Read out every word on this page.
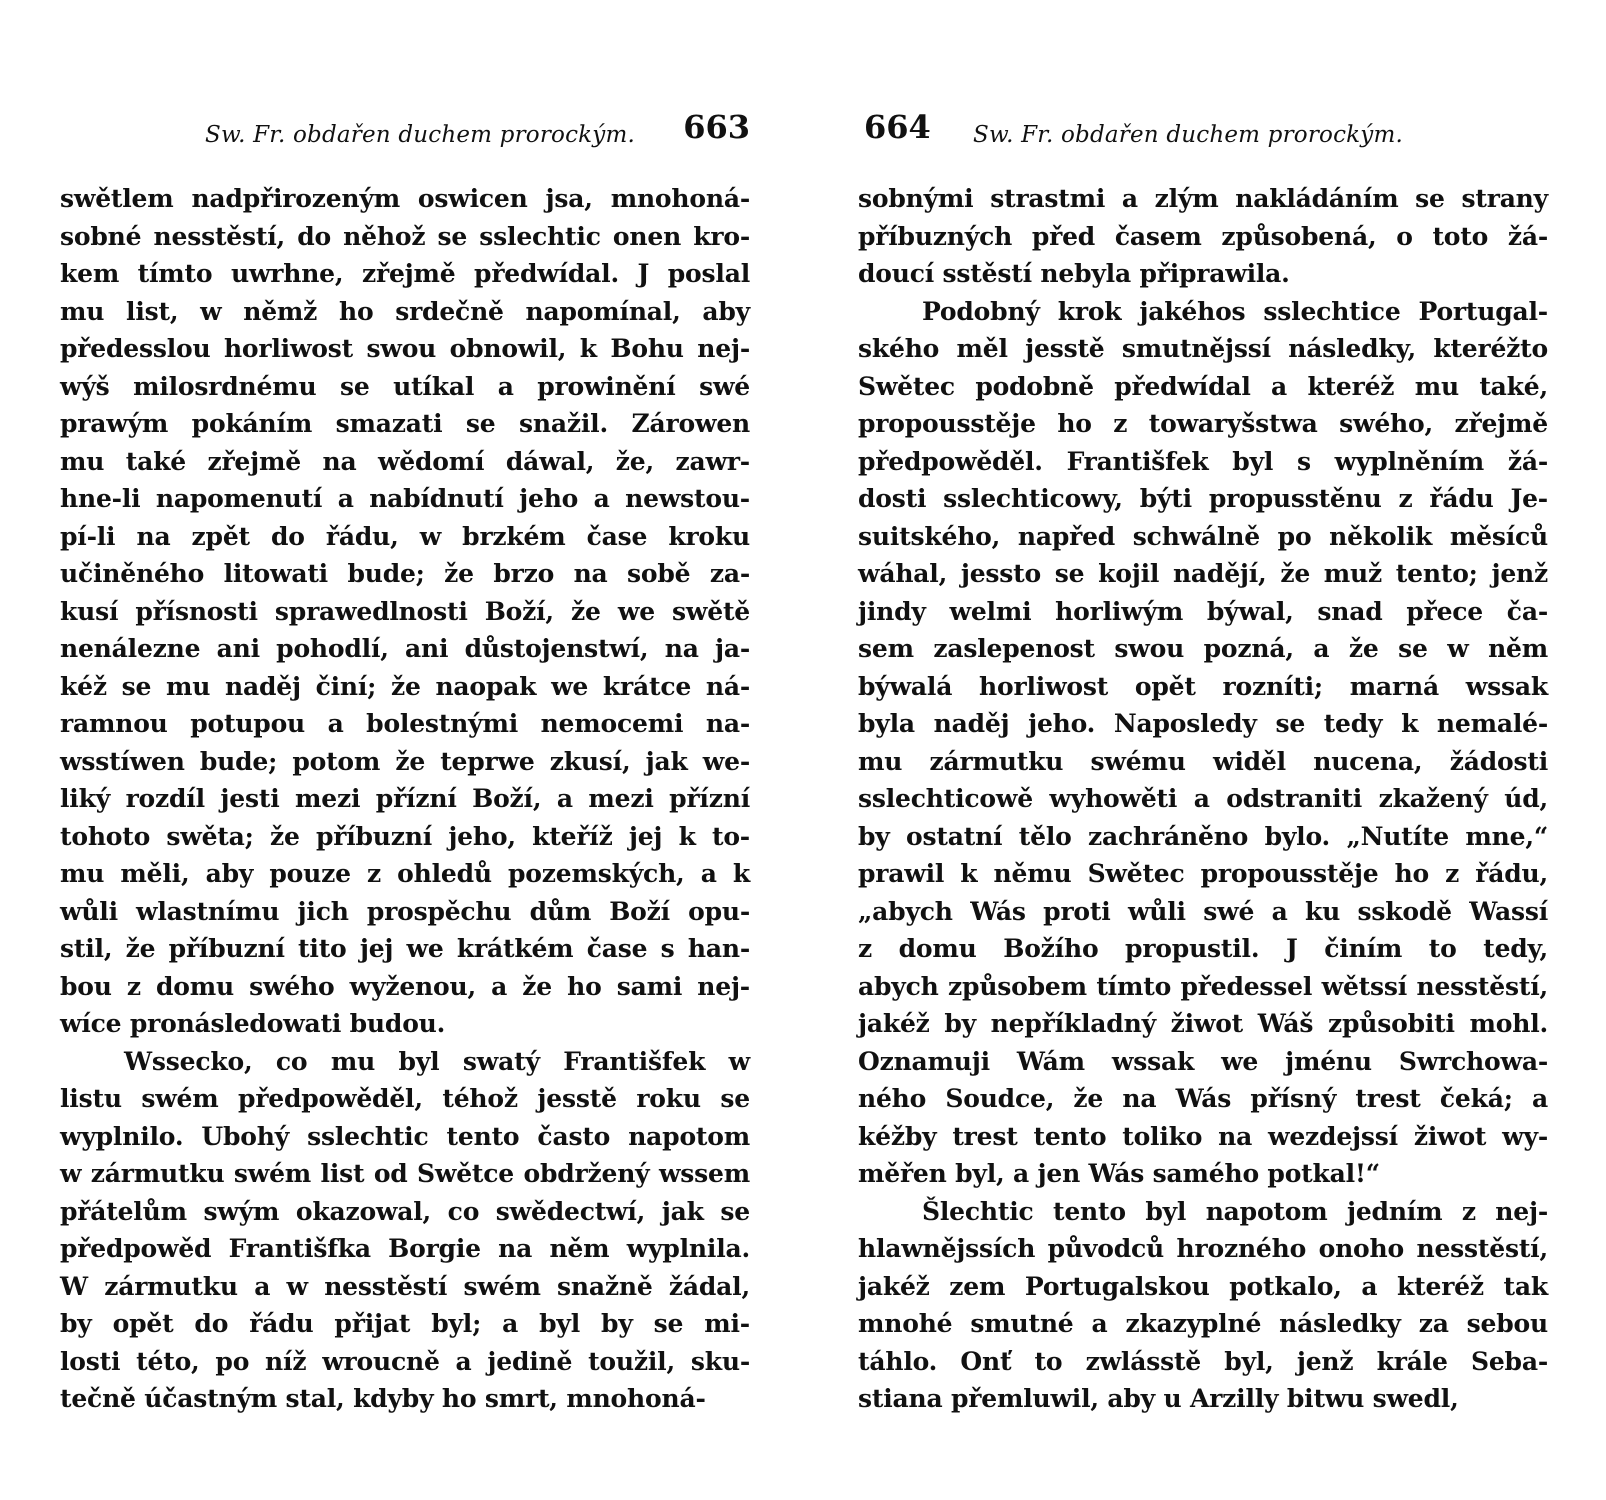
Sw. Fr. obdařen duchem prorockým. 663
swětlem nadpřirozeným oswicen jsa, mnohoná-
sobné nesstěstí, do něhož se sslechtic onen kro-
kem tímto uwrhne, zřejmě předwídal. J poslal
mu list, w němž ho srdečně napomínal, aby
předesslou horliwost swou obnowil, k Bohu nej-
wýš milosrdnému se utíkal a prowinění swé
prawým pokáním smazati se snažil. Zárowen
mu také zřejmě na wědomí dáwal, že, zawr-
hne-li napomenutí a nabídnutí jeho a newstou-
pí-li na zpět do řádu, w brzkém čase kroku
učiněného litowati bude; že brzo na sobě za-
kusí přísnosti sprawedlnosti Boží, že we swětě
nenálezne ani pohodlí, ani důstojenstwí, na ja-
kéž se mu naděj činí; že naopak we krátce ná-
ramnou potupou a bolestnými nemocemi na-
wsstíwen bude; potom že teprwe zkusí, jak we-
liký rozdíl jesti mezi přízní Boží, a mezi přízní
tohoto swěta; že příbuzní jeho, kteříž jej k to-
mu měli, aby pouze z ohledů pozemských, a k
wůli wlastnímu jich prospěchu dům Boží opu-
stil, že příbuzní tito jej we krátkém čase s han-
bou z domu swého wyženou, a že ho sami nej-
wíce pronásledowati budou.
Wssecko, co mu byl swatý Františfek w
listu swém předpowěděl, téhož jesstě roku se
wyplnilo. Ubohý sslechtic tento často napotom
w zármutku swém list od Swětce obdržený wssem
přátelům swým okazowal, co swědectwí, jak se
předpowěd Františfka Borgie na něm wyplnila.
W zármutku a w nesstěstí swém snažně žádal,
by opět do řádu přijat byl; a byl by se mi-
losti této, po níž wroucně a jedině toužil, sku-
tečně účastným stal, kdyby ho smrt, mnohoná-
664 Sw. Fr. obdařen duchem prorockým.
sobnými strastmi a zlým nakládáním se strany
příbuzných před časem způsobená, o toto žá-
doucí sstěstí nebyla připrawila.
Podobný krok jakéhos sslechtice Portugal-
ského měl jesstě smutnějssí následky, kteréžto
Swětec podobně předwídal a kteréž mu také,
propousstěje ho z towaryšstwa swého, zřejmě
předpowěděl. Františfek byl s wyplněním žá-
dosti sslechticowy, býti propusstěnu z řádu Je-
suitského, napřed schwálně po několik měsíců
wáhal, jessto se kojil nadějí, že muž tento; jenž
jindy welmi horliwým býwal, snad přece ča-
sem zaslepenost swou pozná, a že se w něm
býwalá horliwost opět rozníti; marná wssak
byla naděj jeho. Naposledy se tedy k nemalé-
mu zármutku swému widěl nucena, žádosti
sslechticowě wyhowěti a odstraniti zkažený úd,
by ostatní tělo zachráněno bylo. „Nutíte mne,“
prawil k němu Swětec propousstěje ho z řádu,
„abych Wás proti wůli swé a ku sskodě Wassí
z domu Božího propustil. J činím to tedy,
abych způsobem tímto předessel wětssí nesstěstí,
jakéž by nepříkladný žiwot Wáš způsobiti mohl.
Oznamuji Wám wssak we jménu Swrchowa-
ného Soudce, že na Wás přísný trest čeká; a
kéžby trest tento toliko na wezdejssí žiwot wy-
měřen byl, a jen Wás samého potkal!“
Šlechtic tento byl napotom jedním z nej-
hlawnějssích původců hrozného onoho nesstěstí,
jakéž zem Portugalskou potkalo, a kteréž tak
mnohé smutné a zkazyplné následky za sebou
táhlo. Onť to zwlásstě byl, jenž krále Seba-
stiana přemluwil, aby u Arzilly bitwu swedl,
